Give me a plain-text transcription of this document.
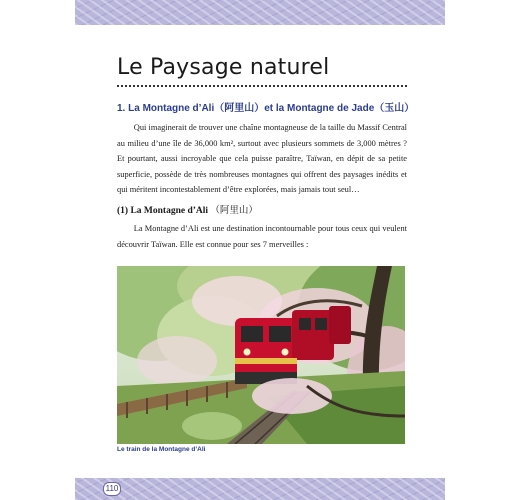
Le Paysage naturel
1. La Montagne d’Ali（阿里山）et la Montagne de Jade（玉山）

Qui imaginerait de trouver une chaîne montagneuse de la taille du Massif Central au milieu d’une île de 36,000 km², surtout avec plusieurs sommets de 3,000 mètres ? Et pourtant, aussi incroyable que cela puisse paraître, Taïwan, en dépit de sa petite superficie, possède de très nombreuses montagnes qui offrent des paysages inédits et qui méritent incontestablement d’être explorées, mais jamais tout seul…

(1) La Montagne d’Ali （阿里山）

La Montagne d’Ali est une destination incontournable pour tous ceux qui veulent découvrir Taïwan. Elle est connue pour ses 7 merveilles :

Le train de la Montagne d’Ali
110
